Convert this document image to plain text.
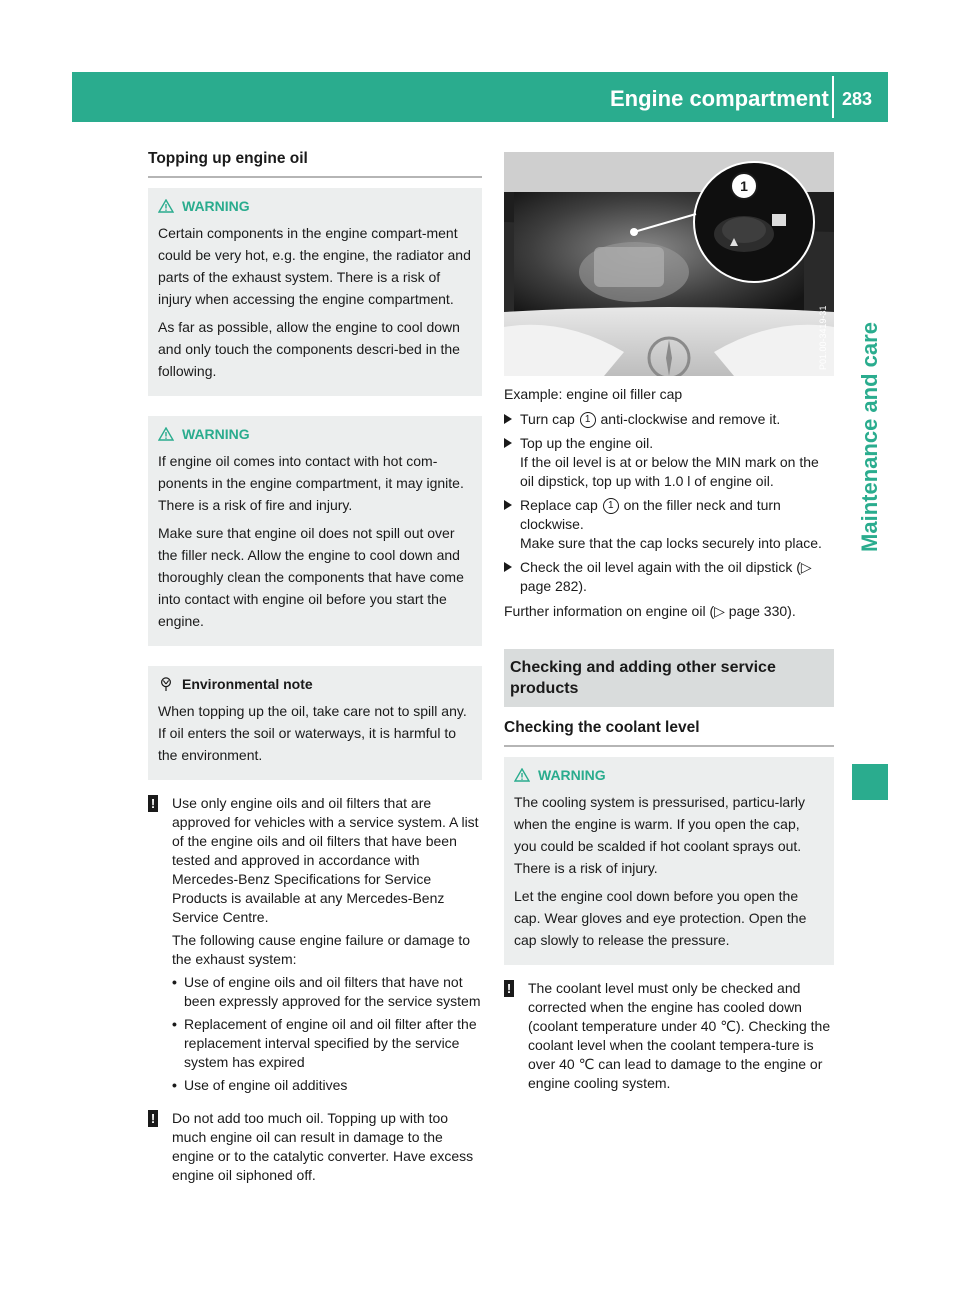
Engine compartment 283
Maintenance and care
Topping up engine oil
WARNING

Certain components in the engine compart-ment could be very hot, e.g. the engine, the radiator and parts of the exhaust system. There is a risk of injury when accessing the engine compartment.

As far as possible, allow the engine to cool down and only touch the components descri-bed in the following.

WARNING

If engine oil comes into contact with hot com-ponents in the engine compartment, it may ignite. There is a risk of fire and injury.

Make sure that engine oil does not spill out over the filler neck. Allow the engine to cool down and thoroughly clean the components that have come into contact with engine oil before you start the engine.

Environmental note

When topping up the oil, take care not to spill any. If oil enters the soil or waterways, it is harmful to the environment.

! Use only engine oils and oil filters that are approved for vehicles with a service system. A list of the engine oils and oil filters that have been tested and approved in accordance with Mercedes-Benz Specifications for Service Products is available at any Mercedes-Benz Service Centre.

The following cause engine failure or damage to the exhaust system:

• Use of engine oils and oil filters that have not been expressly approved for the service system
• Replacement of engine oil and oil filter after the replacement interval specified by the service system has expired
• Use of engine oil additives
! Do not add too much oil. Topping up with too much engine oil can result in damage to the engine or to the catalytic converter. Have excess engine oil siphoned off.

1
P01.00-3419-31
Example: engine oil filler cap
Turn cap 1 anti-clockwise and remove it.
Top up the engine oil.
If the oil level is at or below the MIN mark on the oil dipstick, top up with 1.0 l of engine oil.
Replace cap 1 on the filler neck and turn clockwise.
Make sure that the cap locks securely into place.
Check the oil level again with the oil dipstick (▷ page 282).

Further information on engine oil (▷ page 330).

Checking and adding other service products
Checking the coolant level
WARNING

The cooling system is pressurised, particu-larly when the engine is warm. If you open the cap, you could be scalded if hot coolant sprays out. There is a risk of injury.

Let the engine cool down before you open the cap. Wear gloves and eye protection. Open the cap slowly to release the pressure.

! The coolant level must only be checked and corrected when the engine has cooled down (coolant temperature under 40 ℃). Checking the coolant level when the coolant tempera-ture is over 40 ℃ can lead to damage to the engine or engine cooling system.
